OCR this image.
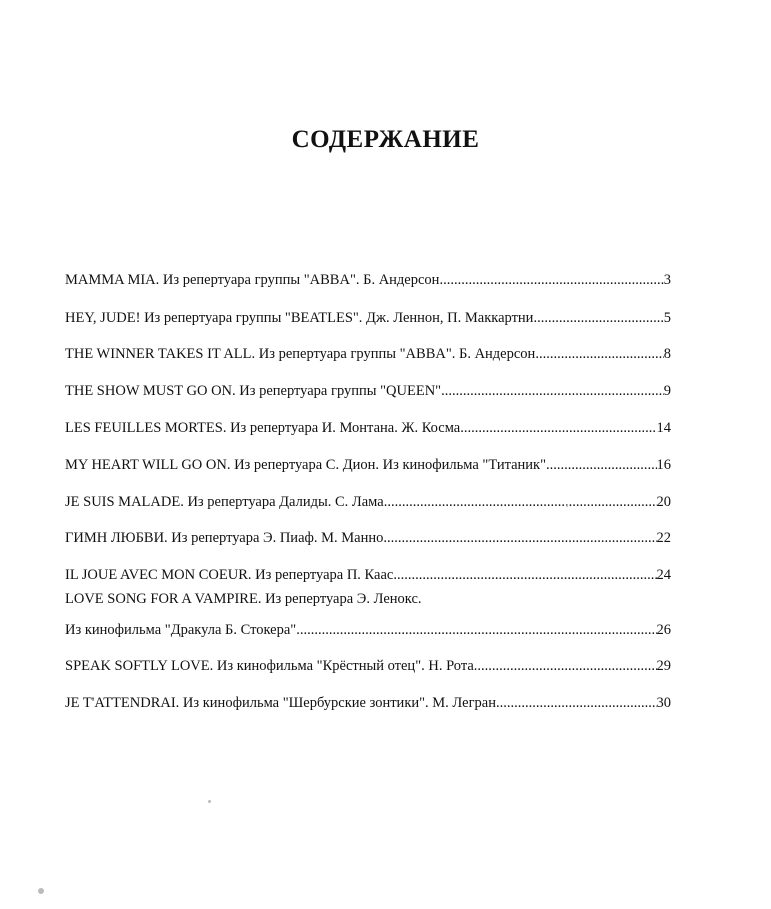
СОДЕРЖАНИЕ
MAMMA MIA. Из репертуара группы "ABBA". Б. Андерсон .....	3
HEY, JUDE! Из репертуара группы "BEATLES". Дж. Леннон, П. Маккартни .....	5
THE WINNER TAKES IT ALL. Из репертуара группы "ABBA". Б. Андерсон .....	8
THE SHOW MUST GO ON. Из репертуара группы "QUEEN" .....	9
LES FEUILLES MORTES. Из репертуара И. Монтана. Ж. Косма .....	14
MY HEART WILL GO ON. Из репертуара С. Дион. Из кинофильма "Титаник" .....	16
JE SUIS MALADE. Из репертуара Далиды. С. Лама .....	20
ГИМН ЛЮБВИ. Из репертуара Э. Пиаф. М. Манно .....	22
IL JOUE AVEC MON COEUR. Из репертуара П. Каас .....	24
LOVE SONG FOR A VAMPIRE. Из репертуара Э. Ленокс.
Из кинофильма "Дракула Б. Стокера" .....	26
SPEAK SOFTLY LOVE. Из кинофильма "Крёстный отец". Н. Рота .....	29
JE T'ATTENDRAI. Из кинофильма "Шербурские зонтики". М. Легран .....	30
